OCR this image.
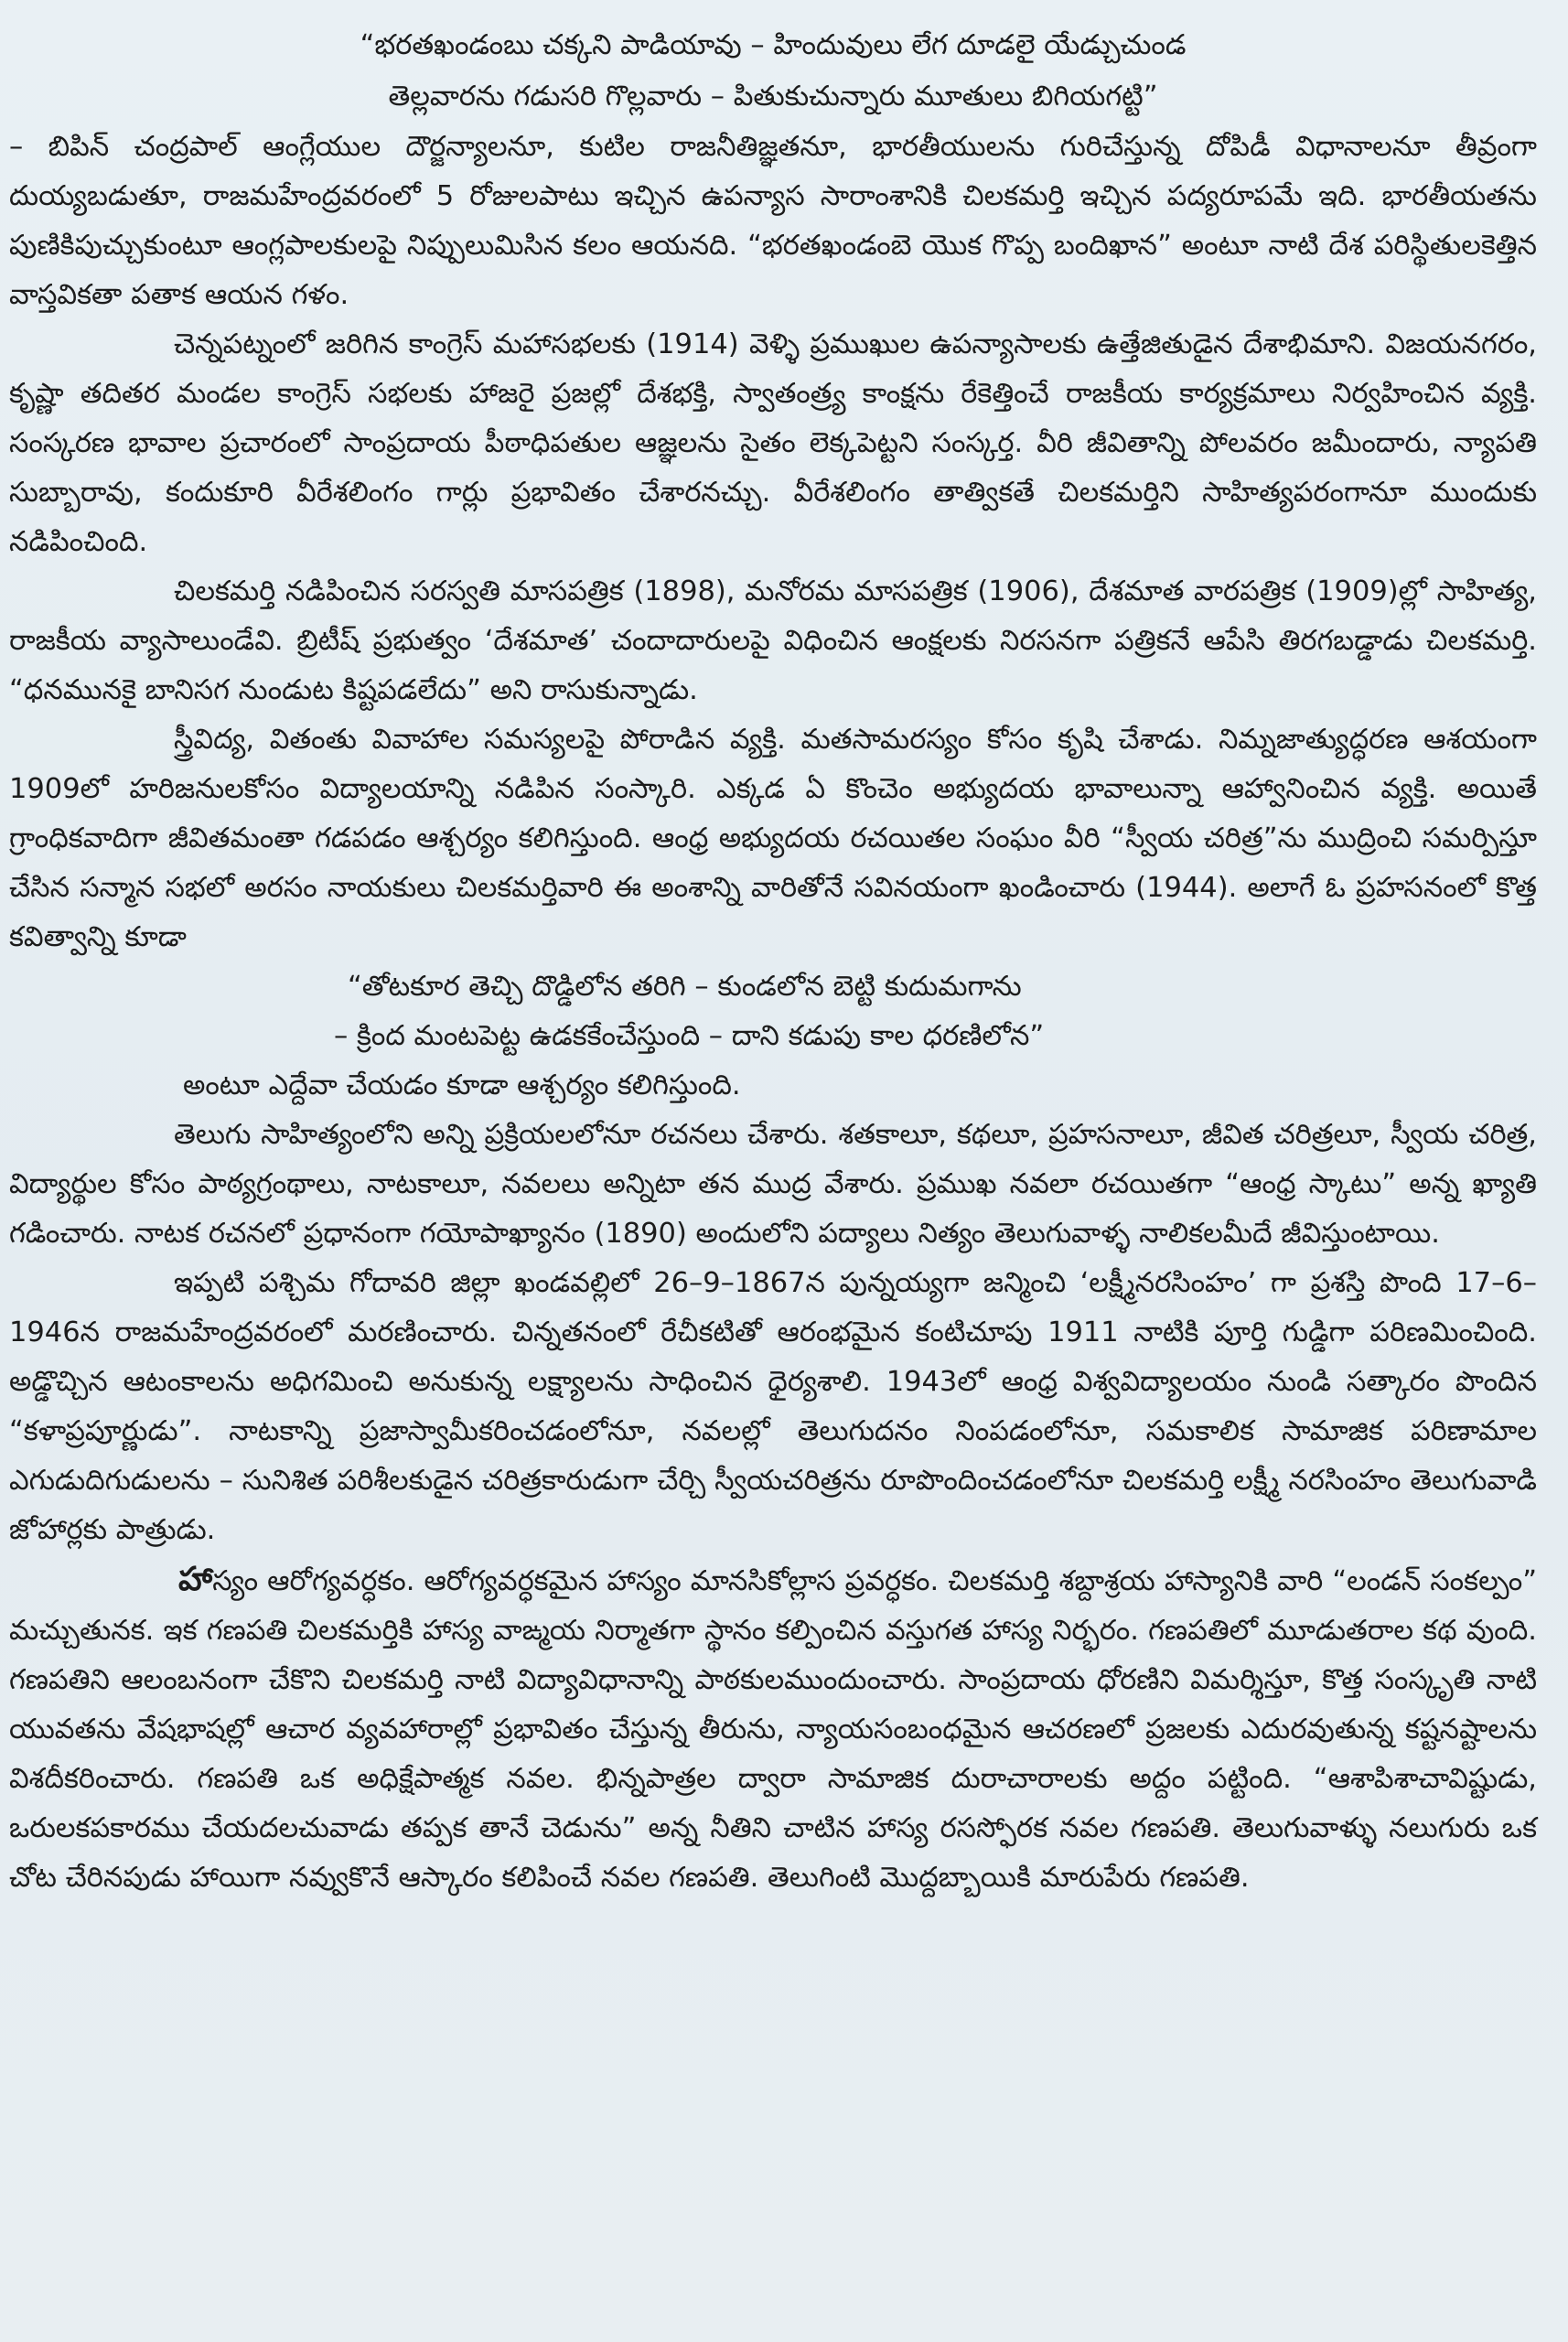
“భరతఖండంబు చక్కని పాడియావు – హిందువులు లేగ దూడలై యేడ్చుచుండ
తెల్లవారను గడుసరి గొల్లవారు – పితుకుచున్నారు మూతులు బిగియగట్టి”

– బిపిన్ చంద్రపాల్ ఆంగ్లేయుల దౌర్జన్యాలనూ, కుటిల రాజనీతిజ్ఞతనూ, భారతీయులను గురిచేస్తున్న దోపిడీ విధానాలనూ తీవ్రంగా దుయ్యబడుతూ, రాజమహేంద్రవరంలో 5 రోజులపాటు ఇచ్చిన ఉపన్యాస సారాంశానికి చిలకమర్తి ఇచ్చిన పద్యరూపమే ఇది. భారతీయతను పుణికిపుచ్చుకుంటూ ఆంగ్లపాలకులపై నిప్పులుమిసిన కలం ఆయనది. “భరతఖండంబె యొక గొప్ప బందిఖాన” అంటూ నాటి దేశ పరిస్థితులకెత్తిన వాస్తవికతా పతాక ఆయన గళం.

చెన్నపట్నంలో జరిగిన కాంగ్రెస్ మహాసభలకు (1914) వెళ్ళి ప్రముఖుల ఉపన్యాసాలకు ఉత్తేజితుడైన దేశాభిమాని. విజయనగరం, కృష్ణా తదితర మండల కాంగ్రెస్ సభలకు హాజరై ప్రజల్లో దేశభక్తి, స్వాతంత్ర్య కాంక్షను రేకెత్తించే రాజకీయ కార్యక్రమాలు నిర్వహించిన వ్యక్తి. సంస్కరణ భావాల ప్రచారంలో సాంప్రదాయ పీఠాధిపతుల ఆజ్ఞలను సైతం లెక్కపెట్టని సంస్కర్త. వీరి జీవితాన్ని పోలవరం జమీందారు, న్యాపతి సుబ్బారావు, కందుకూరి వీరేశలింగం గార్లు ప్రభావితం చేశారనచ్చు. వీరేశలింగం తాత్వికతే చిలకమర్తిని సాహిత్యపరంగానూ ముందుకు నడిపించింది.

చిలకమర్తి నడిపించిన సరస్వతి మాసపత్రిక (1898), మనోరమ మాసపత్రిక (1906), దేశమాత వారపత్రిక (1909)ల్లో సాహిత్య, రాజకీయ వ్యాసాలుండేవి. బ్రిటీష్ ప్రభుత్వం ‘దేశమాత’ చందాదారులపై విధించిన ఆంక్షలకు నిరసనగా పత్రికనే ఆపేసి తిరగబడ్డాడు చిలకమర్తి. “ధనమునకై బానిసగ నుండుట కిష్టపడలేదు” అని రాసుకున్నాడు.

స్త్రీవిద్య, వితంతు వివాహాల సమస్యలపై పోరాడిన వ్యక్తి. మతసామరస్యం కోసం కృషి చేశాడు. నిమ్నజాత్యుద్ధరణ ఆశయంగా 1909లో హరిజనులకోసం విద్యాలయాన్ని నడిపిన సంస్కారి. ఎక్కడ ఏ కొంచెం అభ్యుదయ భావాలున్నా ఆహ్వానించిన వ్యక్తి. అయితే గ్రాంధికవాదిగా జీవితమంతా గడపడం ఆశ్చర్యం కలిగిస్తుంది. ఆంధ్ర అభ్యుదయ రచయితల సంఘం వీరి “స్వీయ చరిత్ర”ను ముద్రించి సమర్పిస్తూ చేసిన సన్మాన సభలో అరసం నాయకులు చిలకమర్తివారి ఈ అంశాన్ని వారితోనే సవినయంగా ఖండించారు (1944). అలాగే ఓ ప్రహసనంలో కొత్త కవిత్వాన్ని కూడా

“తోటకూర తెచ్చి దొడ్డిలోన తరిగి – కుండలోన బెట్టి కుదుమగాను

– క్రింద మంటపెట్ట ఉడకకేంచేస్తుంది – దాని కడుపు కాల ధరణిలోన”

అంటూ ఎద్దేవా చేయడం కూడా ఆశ్చర్యం కలిగిస్తుంది.

తెలుగు సాహిత్యంలోని అన్ని ప్రక్రియలలోనూ రచనలు చేశారు. శతకాలూ, కథలూ, ప్రహసనాలూ, జీవిత చరిత్రలూ, స్వీయ చరిత్ర, విద్యార్థుల కోసం పాఠ్యగ్రంథాలు, నాటకాలూ, నవలలు అన్నిటా తన ముద్ర వేశారు. ప్రముఖ నవలా రచయితగా “ఆంధ్ర స్కాటు” అన్న ఖ్యాతి గడించారు. నాటక రచనలో ప్రధానంగా గయోపాఖ్యానం (1890) అందులోని పద్యాలు నిత్యం తెలుగువాళ్ళ నాలికలమీదే జీవిస్తుంటాయి.

ఇప్పటి పశ్చిమ గోదావరి జిల్లా ఖండవల్లిలో 26–9–1867న పున్నయ్యగా జన్మించి ‘లక్ష్మీనరసింహం’ గా ప్రశస్తి పొంది 17–6–1946న రాజమహేంద్రవరంలో మరణించారు. చిన్నతనంలో రేచీకటితో ఆరంభమైన కంటిచూపు 1911 నాటికి పూర్తి గుడ్డిగా పరిణమించింది. అడ్డొచ్చిన ఆటంకాలను అధిగమించి అనుకున్న లక్ష్యాలను సాధించిన ధైర్యశాలి. 1943లో ఆంధ్ర విశ్వవిద్యాలయం నుండి సత్కారం పొందిన “కళాప్రపూర్ణుడు”. నాటకాన్ని ప్రజాస్వామీకరించడంలోనూ, నవలల్లో తెలుగుదనం నింపడంలోనూ, సమకాలిక సామాజిక పరిణామాల ఎగుడుదిగుడులను – సునిశిత పరిశీలకుడైన చరిత్రకారుడుగా చేర్చి స్వీయచరిత్రను రూపొందించడంలోనూ చిలకమర్తి లక్ష్మీ నరసింహం తెలుగువాడి జోహార్లకు పాత్రుడు.

హాస్యం ఆరోగ్యవర్ధకం. ఆరోగ్యవర్ధకమైన హాస్యం మానసికోల్లాస ప్రవర్ధకం. చిలకమర్తి శబ్దాశ్రయ హాస్యానికి వారి “లండన్ సంకల్పం” మచ్చుతునక. ఇక గణపతి చిలకమర్తికి హాస్య వాఙ్మయ నిర్మాతగా స్థానం కల్పించిన వస్తుగత హాస్య నిర్భరం. గణపతిలో మూడుతరాల కథ వుంది. గణపతిని ఆలంబనంగా చేకొని చిలకమర్తి నాటి విద్యావిధానాన్ని పాఠకులముందుంచారు. సాంప్రదాయ ధోరణిని విమర్శిస్తూ, కొత్త సంస్కృతి నాటి యువతను వేషభాషల్లో ఆచార వ్యవహారాల్లో ప్రభావితం చేస్తున్న తీరును, న్యాయసంబంధమైన ఆచరణలో ప్రజలకు ఎదురవుతున్న కష్టనష్టాలను విశదీకరించారు. గణపతి ఒక అధిక్షేపాత్మక నవల. భిన్నపాత్రల ద్వారా సామాజిక దురాచారాలకు అద్దం పట్టింది. “ఆశాపిశాచావిష్టుడు, ఒరులకపకారము చేయదలచువాడు తప్పక తానే చెడును” అన్న నీతిని చాటిన హాస్య రసస్ఫోరక నవల గణపతి. తెలుగువాళ్ళు నలుగురు ఒక చోట చేరినపుడు హాయిగా నవ్వుకొనే ఆస్కారం కలిపించే నవల గణపతి. తెలుగింటి మొద్దబ్బాయికి మారుపేరు గణపతి.
